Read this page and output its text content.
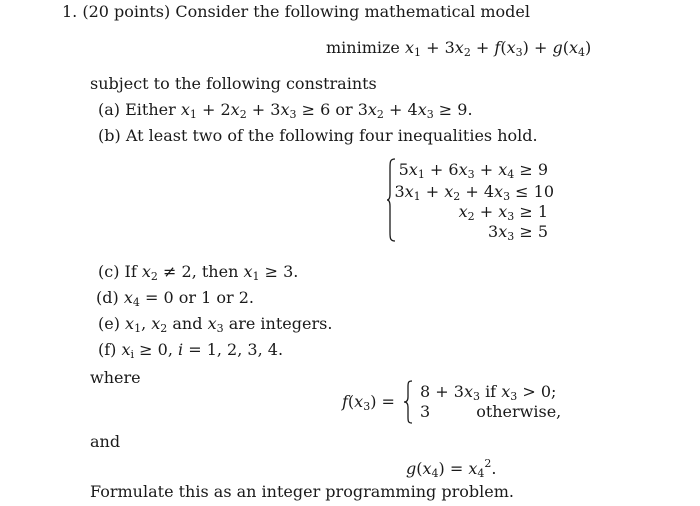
1. (20 points) Consider the following mathematical model
minimize $x_1 + 3x_2 + f(x_3) + g(x_4)$
subject to the following constraints
(a) Either $x_1 + 2x_2 + 3x_3 \ge 6$ or $3x_2 + 4x_3 \ge 9$.
(b) At least two of the following four inequalities hold.
$5x_1 + 6x_3 + x_4 \ge 9$
$3x_1 + x_2 + 4x_3 \le 10$
$x_2 + x_3 \ge 1$
$3x_3 \ge 5$
(c) If $x_2 \ne 2$, then $x_1 \ge 3$.
(d) $x_4 = 0$ or 1 or 2.
(e) $x_1$, $x_2$ and $x_3$ are integers.
(f) $x_i \ge 0$, i = 1, 2, 3, 4.
where
$f(x_3)$ =
$8 + 3x_3$ if $x_3 > 0$;
3	otherwise,
and
$g(x_4) = x_4^2$.
Formulate this as an integer programming problem.
